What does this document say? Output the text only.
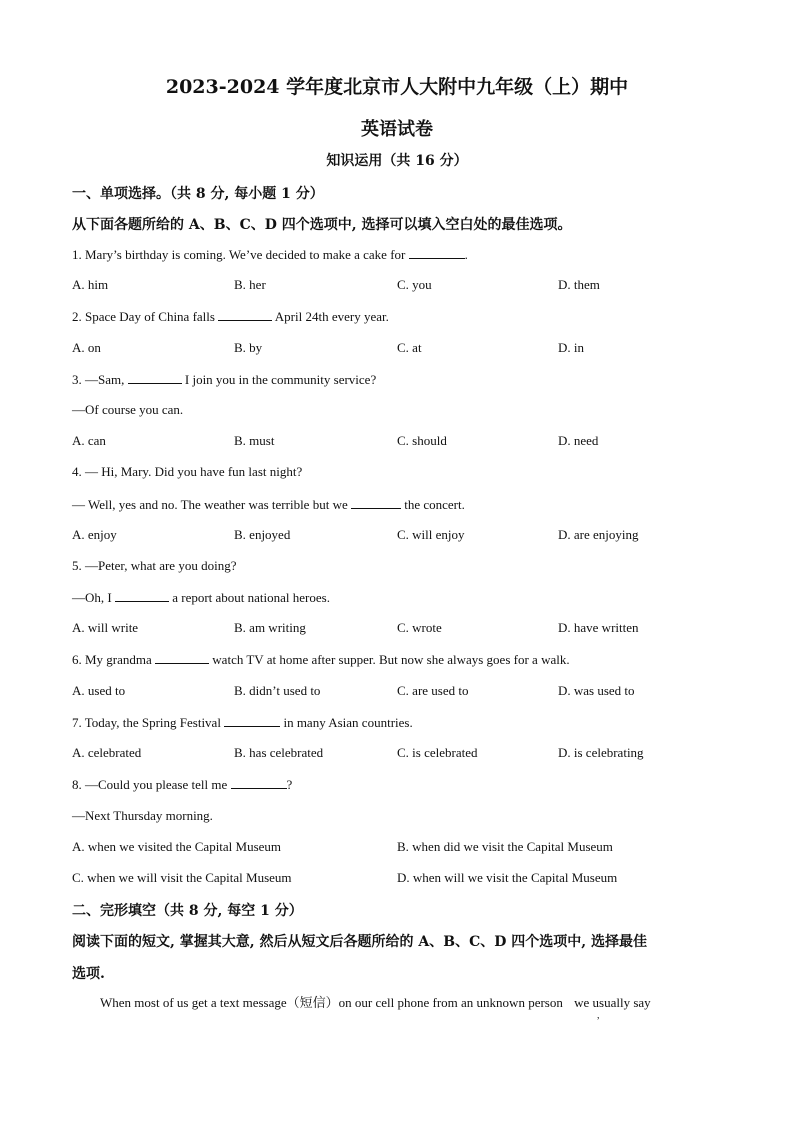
2023-2024 学年度北京市人大附中九年级（上）期中
英语试卷
知识运用（共 16 分）
一、单项选择。（共 8 分, 每小题 1 分）
从下面各题所给的 A、B、C、D 四个选项中, 选择可以填入空白处的最佳选项。
1. Mary’s birthday is coming. We’ve decided to make a cake for	.
A. him	B. her	C. you	D. them
2. Space Day of China falls	April 24th every year.
A. on	B. by	C. at	D. in
3. —Sam,	I join you in the community service?
—Of course you can.
A. can	B. must	C. should	D. need
4. — Hi, Mary. Did you have fun last night?
— Well, yes and no. The weather was terrible but we	the concert.
A. enjoy	B. enjoyed	C. will enjoy	D. are enjoying
5. —Peter, what are you doing?
—Oh, I	a report about national heroes.
A. will write	B. am writing	C. wrote	D. have written
6. My grandma	watch TV at home after supper. But now she always goes for a walk.
A. used to	B. didn’t used to	C. are used to	D. was used to
7. Today, the Spring Festival	in many Asian countries.
A. celebrated	B. has celebrated	C. is celebrated	D. is celebrating
8. —Could you please tell me	?
—Next Thursday morning.
A. when we visited the Capital Museum	B. when did we visit the Capital Museum
C. when we will visit the Capital Museum	D. when will we visit the Capital Museum
二、完形填空（共 8 分, 每空 1 分）
阅读下面的短文, 掌握其大意, 然后从短文后各题所给的 A、B、C、D 四个选项中, 选择最佳
选项.
When most of us get a text message（短信）on our cell phone from an unknown person we usually say
,
